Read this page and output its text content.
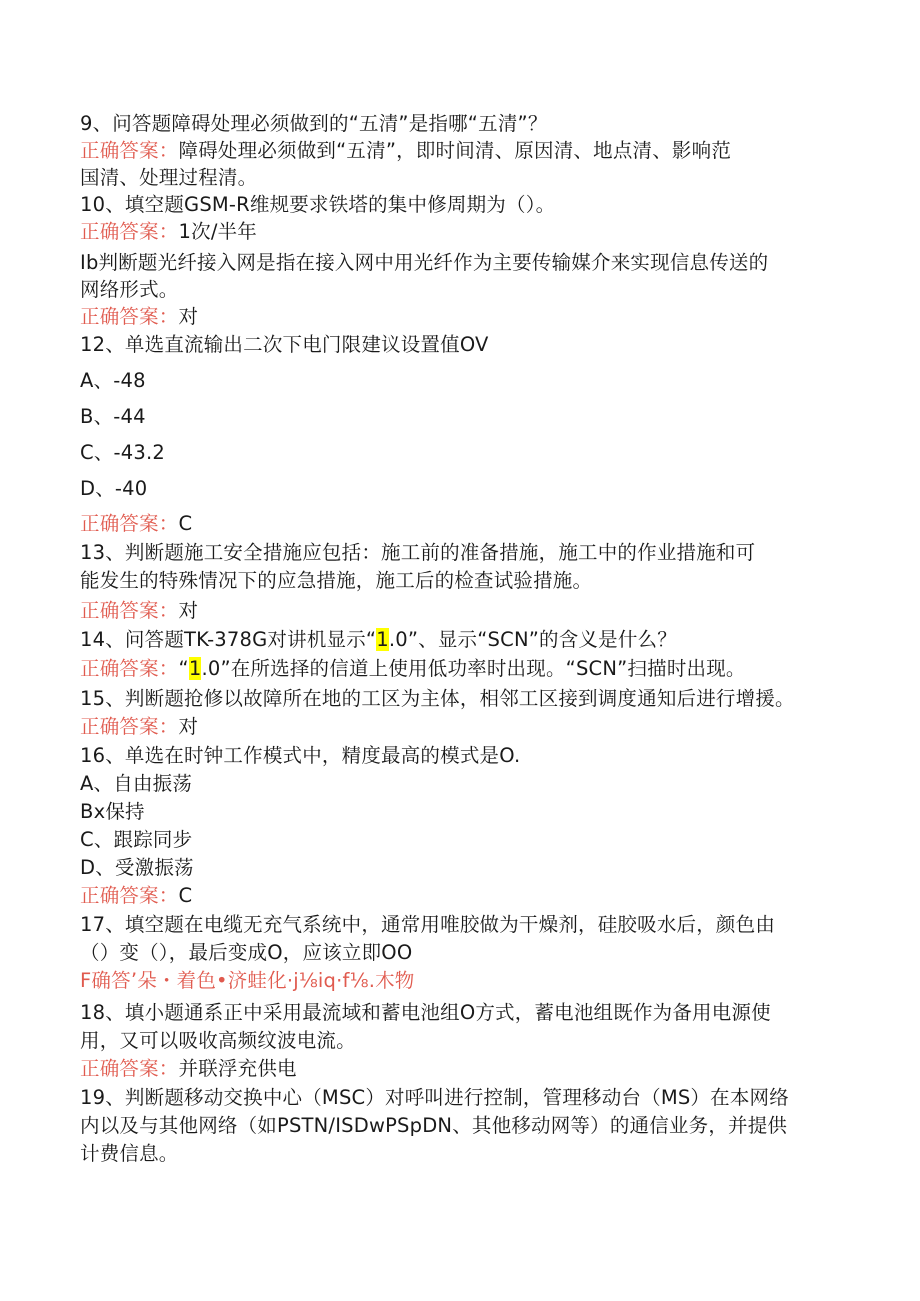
9、问答题障碍处理必须做到的“五清”是指哪“五清”？
正确答案：障碍处理必须做到“五清”，即时间清、原因清、地点清、影响范
国清、处理过程清。
10、填空题GSM-R维规要求铁塔的集中修周期为（）。
正确答案：1次/半年
Ib判断题光纤接入网是指在接入网中用光纤作为主要传输媒介来实现信息传送的
网络形式。
正确答案：对
12、单选直流输出二次下电门限建议设置值OV
A、-48
B、-44
C、-43.2
D、-40
正确答案：C
13、判断题施工安全措施应包括：施工前的准备措施，施工中的作业措施和可
能发生的特殊情况下的应急措施，施工后的检查试验措施。
正确答案：对
14、问答题TK-378G对讲机显示“1.0”、显示“SCN”的含义是什么？
正确答案：“1.0”在所选择的信道上使用低功率时出现。“SCN”扫描时出现。
15、判断题抢修以故障所在地的工区为主体，相邻工区接到调度通知后进行增援。
正确答案：对
16、单选在时钟工作模式中，精度最高的模式是O.
A、自由振荡
Bx保持
C、跟踪同步
D、受激振荡
正确答案：C
17、填空题在电缆无充气系统中，通常用唯胶做为干燥剂，硅胶吸水后，颜色由
（）变（），最后变成O，应该立即OO
F确答’朵・着色•济蛙化·j⅛iq·f⅛.木物
18、填小题通系正中采用最流域和蓄电池组O方式，蓄电池组既作为备用电源使
用，又可以吸收高频纹波电流。
正确答案：并联浮充供电
19、判断题移动交换中心（MSC）对呼叫进行控制，管理移动台（MS）在本网络
内以及与其他网络（如PSTN/ISDwPSpDN、其他移动网等）的通信业务，并提供
计费信息。
